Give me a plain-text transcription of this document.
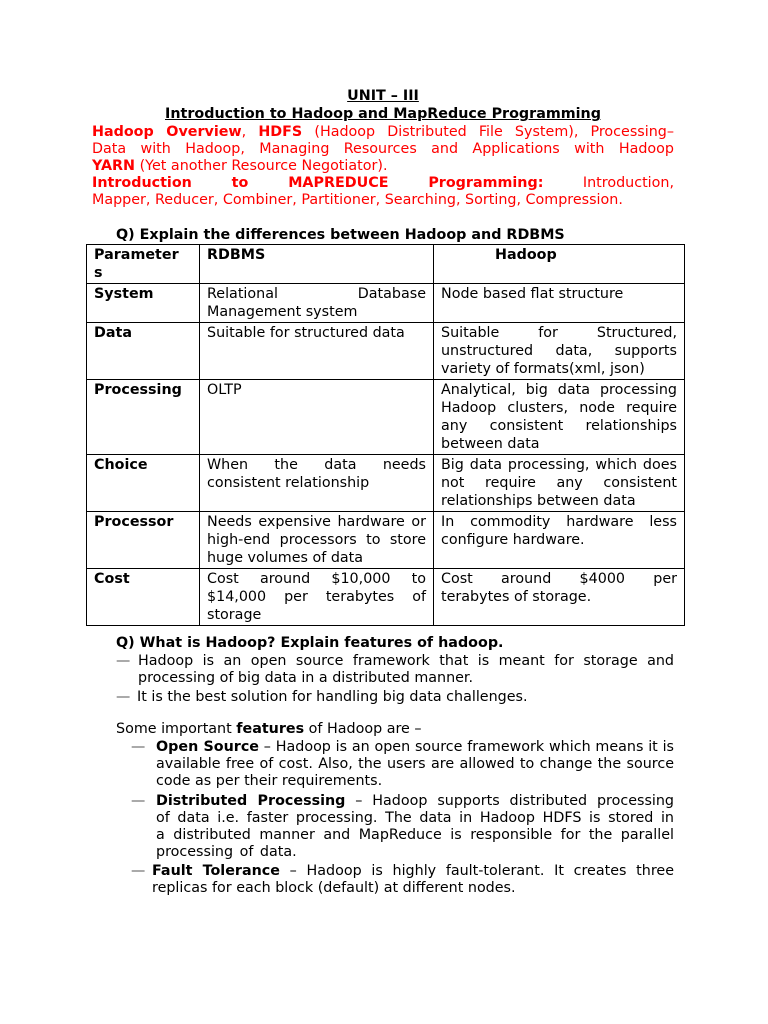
UNIT – III
Introduction to Hadoop and MapReduce Programming
Hadoop Overview, HDFS (Hadoop Distributed File System), Processing–
Data with Hadoop, Managing Resources and Applications with Hadoop
YARN (Yet another Resource Negotiator).
Introduction to MAPREDUCE Programming:	Introduction,
Mapper, Reducer, Combiner, Partitioner, Searching, Sorting, Compression.
Q) Explain the differences between Hadoop and RDBMS
Parameter s	RDBMS	Hadoop
System	Relational Database Management system	Node based flat structure
Data	Suitable for structured data	Suitable for Structured, unstructured data, supports variety of formats(xml, json)
Processing	OLTP	Analytical, big data processing Hadoop clusters, node require any consistent relationships between data
Choice	When the data needs consistent relationship	Big data processing, which does not require any consistent relationships between data
Processor	Needs expensive hardware or high-end processors to store huge volumes of data	In commodity hardware less configure hardware.
Cost	Cost around $10,000 to $14,000 per terabytes of storage	Cost around $4000 per terabytes of storage.
Q) What is Hadoop? Explain features of hadoop.
— Hadoop is an open source framework that is meant for storage and processing of big data in a distributed manner.
— It is the best solution for handling big data challenges.
Some important features of Hadoop are –
— Open Source – Hadoop is an open source framework which means it is available free of cost. Also, the users are allowed to change the source code as per their requirements.
— Distributed Processing – Hadoop supports distributed processing of data i.e. faster processing. The data in Hadoop HDFS is stored in a distributed manner and MapReduce is responsible for the parallel processing of data.
— Fault Tolerance – Hadoop is highly fault-tolerant. It creates three replicas for each block (default) at different nodes.
